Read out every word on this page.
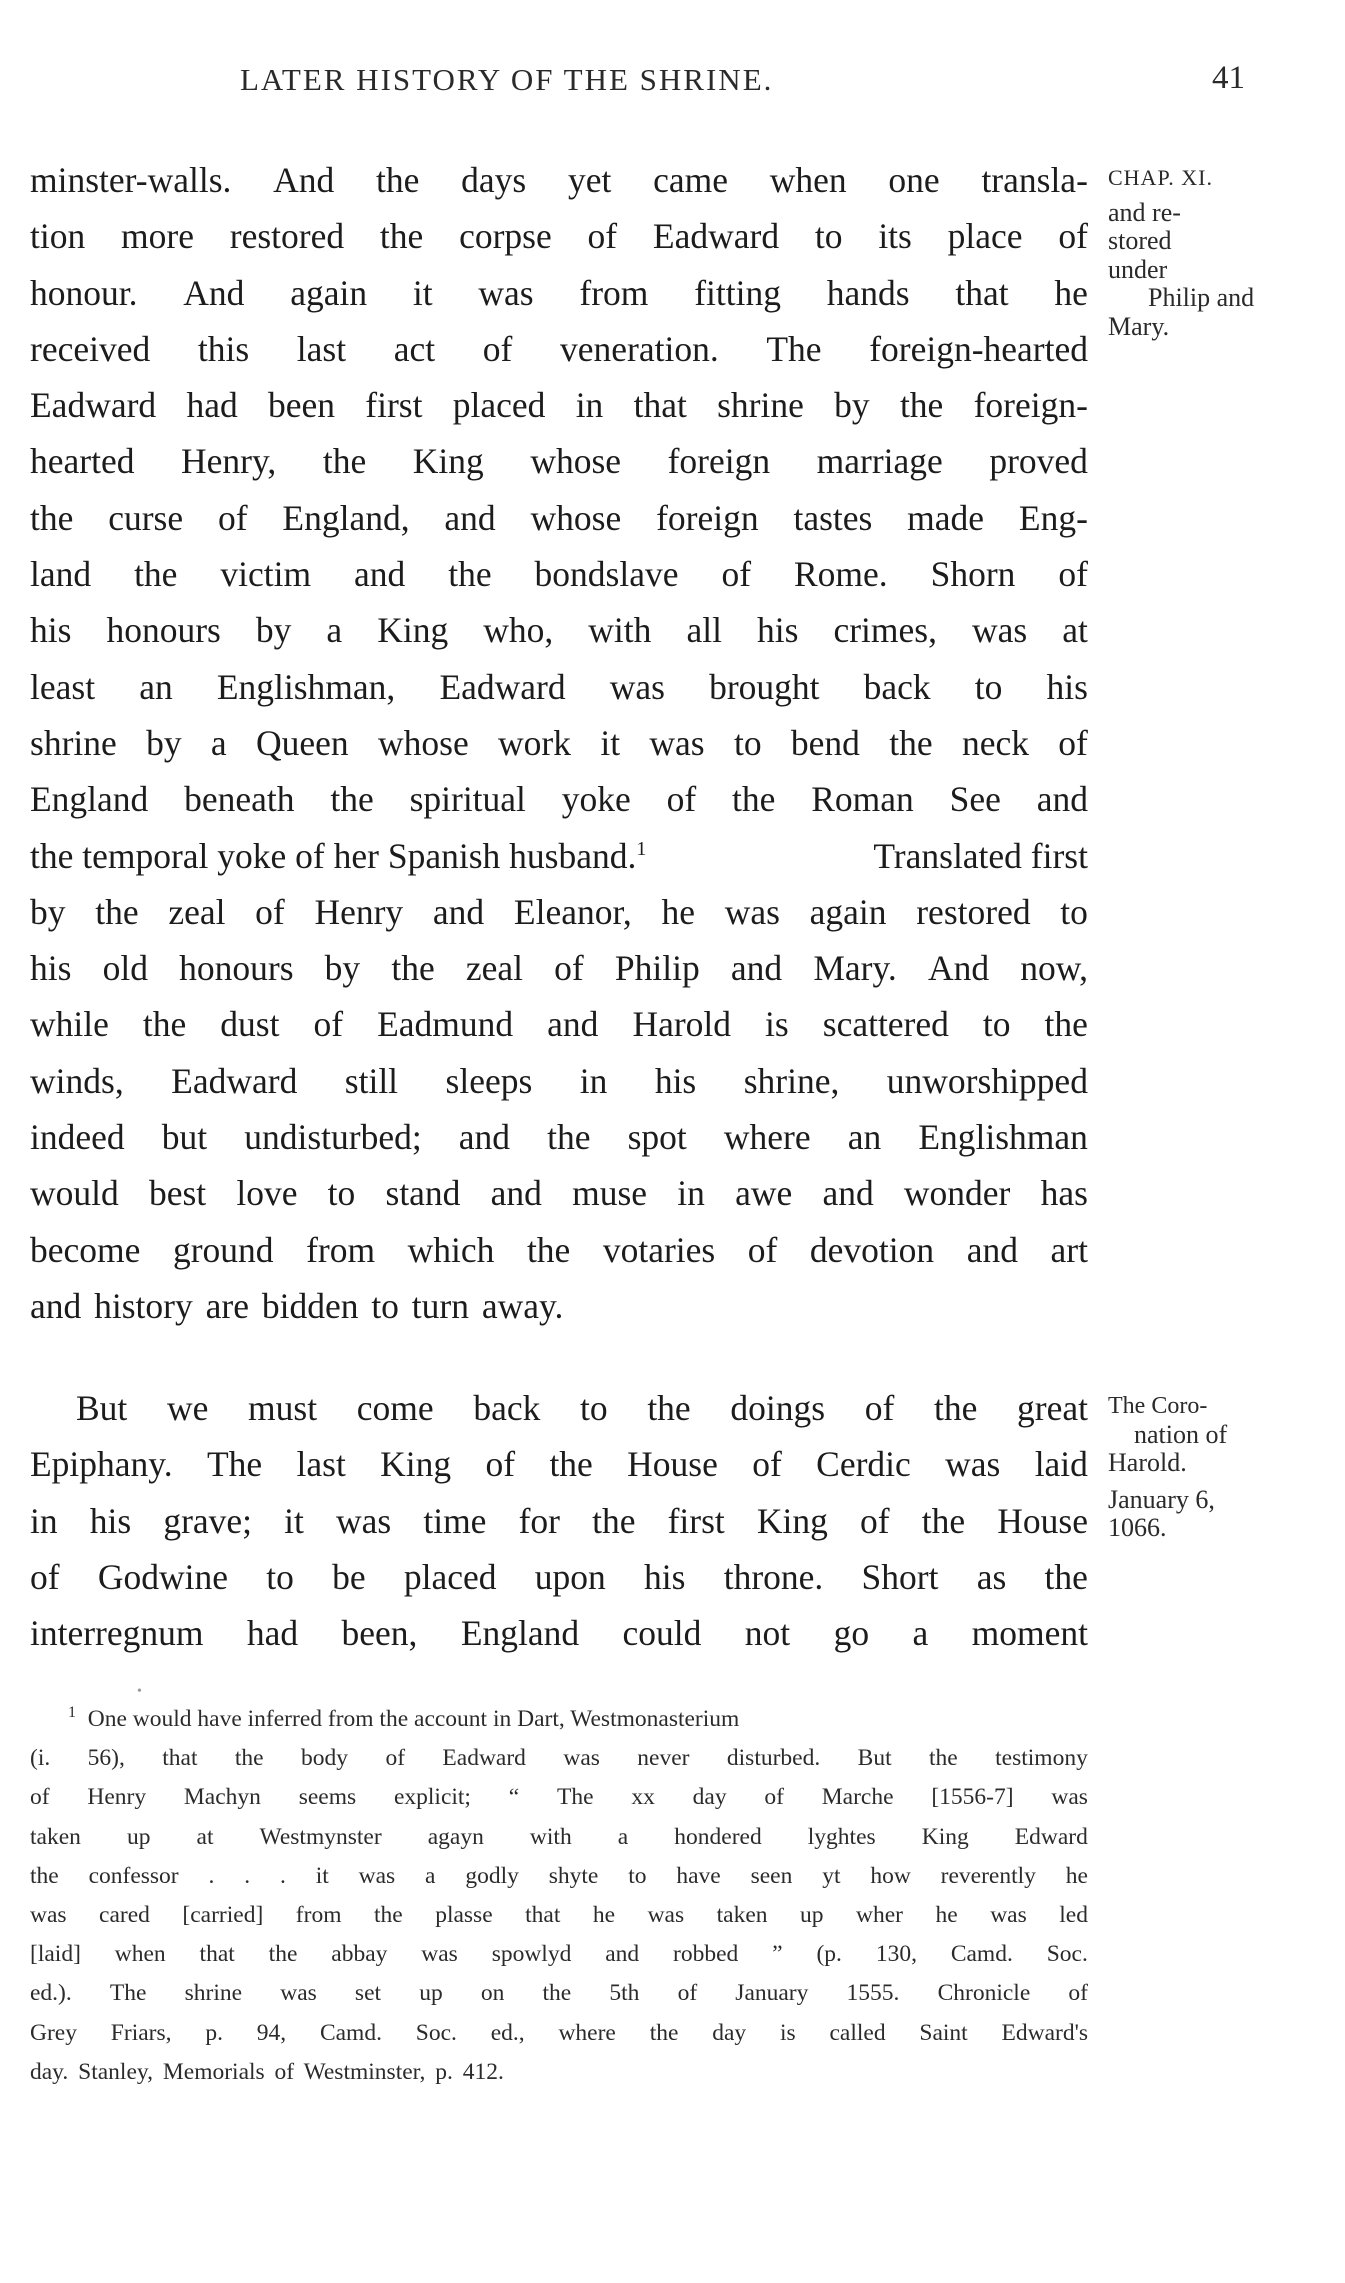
LATER HISTORY OF THE SHRINE.	41
minster-walls. And the days yet came when one transla-
tion more restored the corpse of Eadward to its place of
honour. And again it was from fitting hands that he
received this last act of veneration. The foreign-hearted
Eadward had been first placed in that shrine by the foreign-
hearted Henry, the King whose foreign marriage proved
the curse of England, and whose foreign tastes made Eng-
land the victim and the bondslave of Rome. Shorn of
his honours by a King who, with all his crimes, was at
least an Englishman, Eadward was brought back to his
shrine by a Queen whose work it was to bend the neck of
England beneath the spiritual yoke of the Roman See and
the temporal yoke of her Spanish husband.$^1$	Translated first
by the zeal of Henry and Eleanor, he was again restored to
his old honours by the zeal of Philip and Mary. And now,
while the dust of Eadmund and Harold is scattered to the
winds, Eadward still sleeps in his shrine, unworshipped
indeed but undisturbed; and the spot where an Englishman
would best love to stand and muse in awe and wonder has
become ground from which the votaries of devotion and art
and history are bidden to turn away.
But we must come back to the doings of the great
Epiphany. The last King of the House of Cerdic was laid
in his grave; it was time for the first King of the House
of Godwine to be placed upon his throne. Short as the
interregnum had been, England could not go a moment
CHAP. XI.
and re-
stored
under
Philip and
Mary.
The Coro-
nation of
Harold.
January 6,
1066.
•
$^1$ One would have inferred from the account in Dart, Westmonasterium
(i. 56), that the body of Eadward was never disturbed. But the testimony
of Henry Machyn seems explicit; “ The xx day of Marche [1556-7] was
taken up at Westmynster agayn with a hondered lyghtes King Edward
the confessor . . . it was a godly shyte to have seen yt how reverently he
was cared [carried] from the plasse that he was taken up wher he was led
[laid] when that the abbay was spowlyd and robbed ” (p. 130, Camd. Soc.
ed.). The shrine was set up on the 5th of January 1555. Chronicle of
Grey Friars, p. 94, Camd. Soc. ed., where the day is called Saint Edward's
day. Stanley, Memorials of Westminster, p. 412.
